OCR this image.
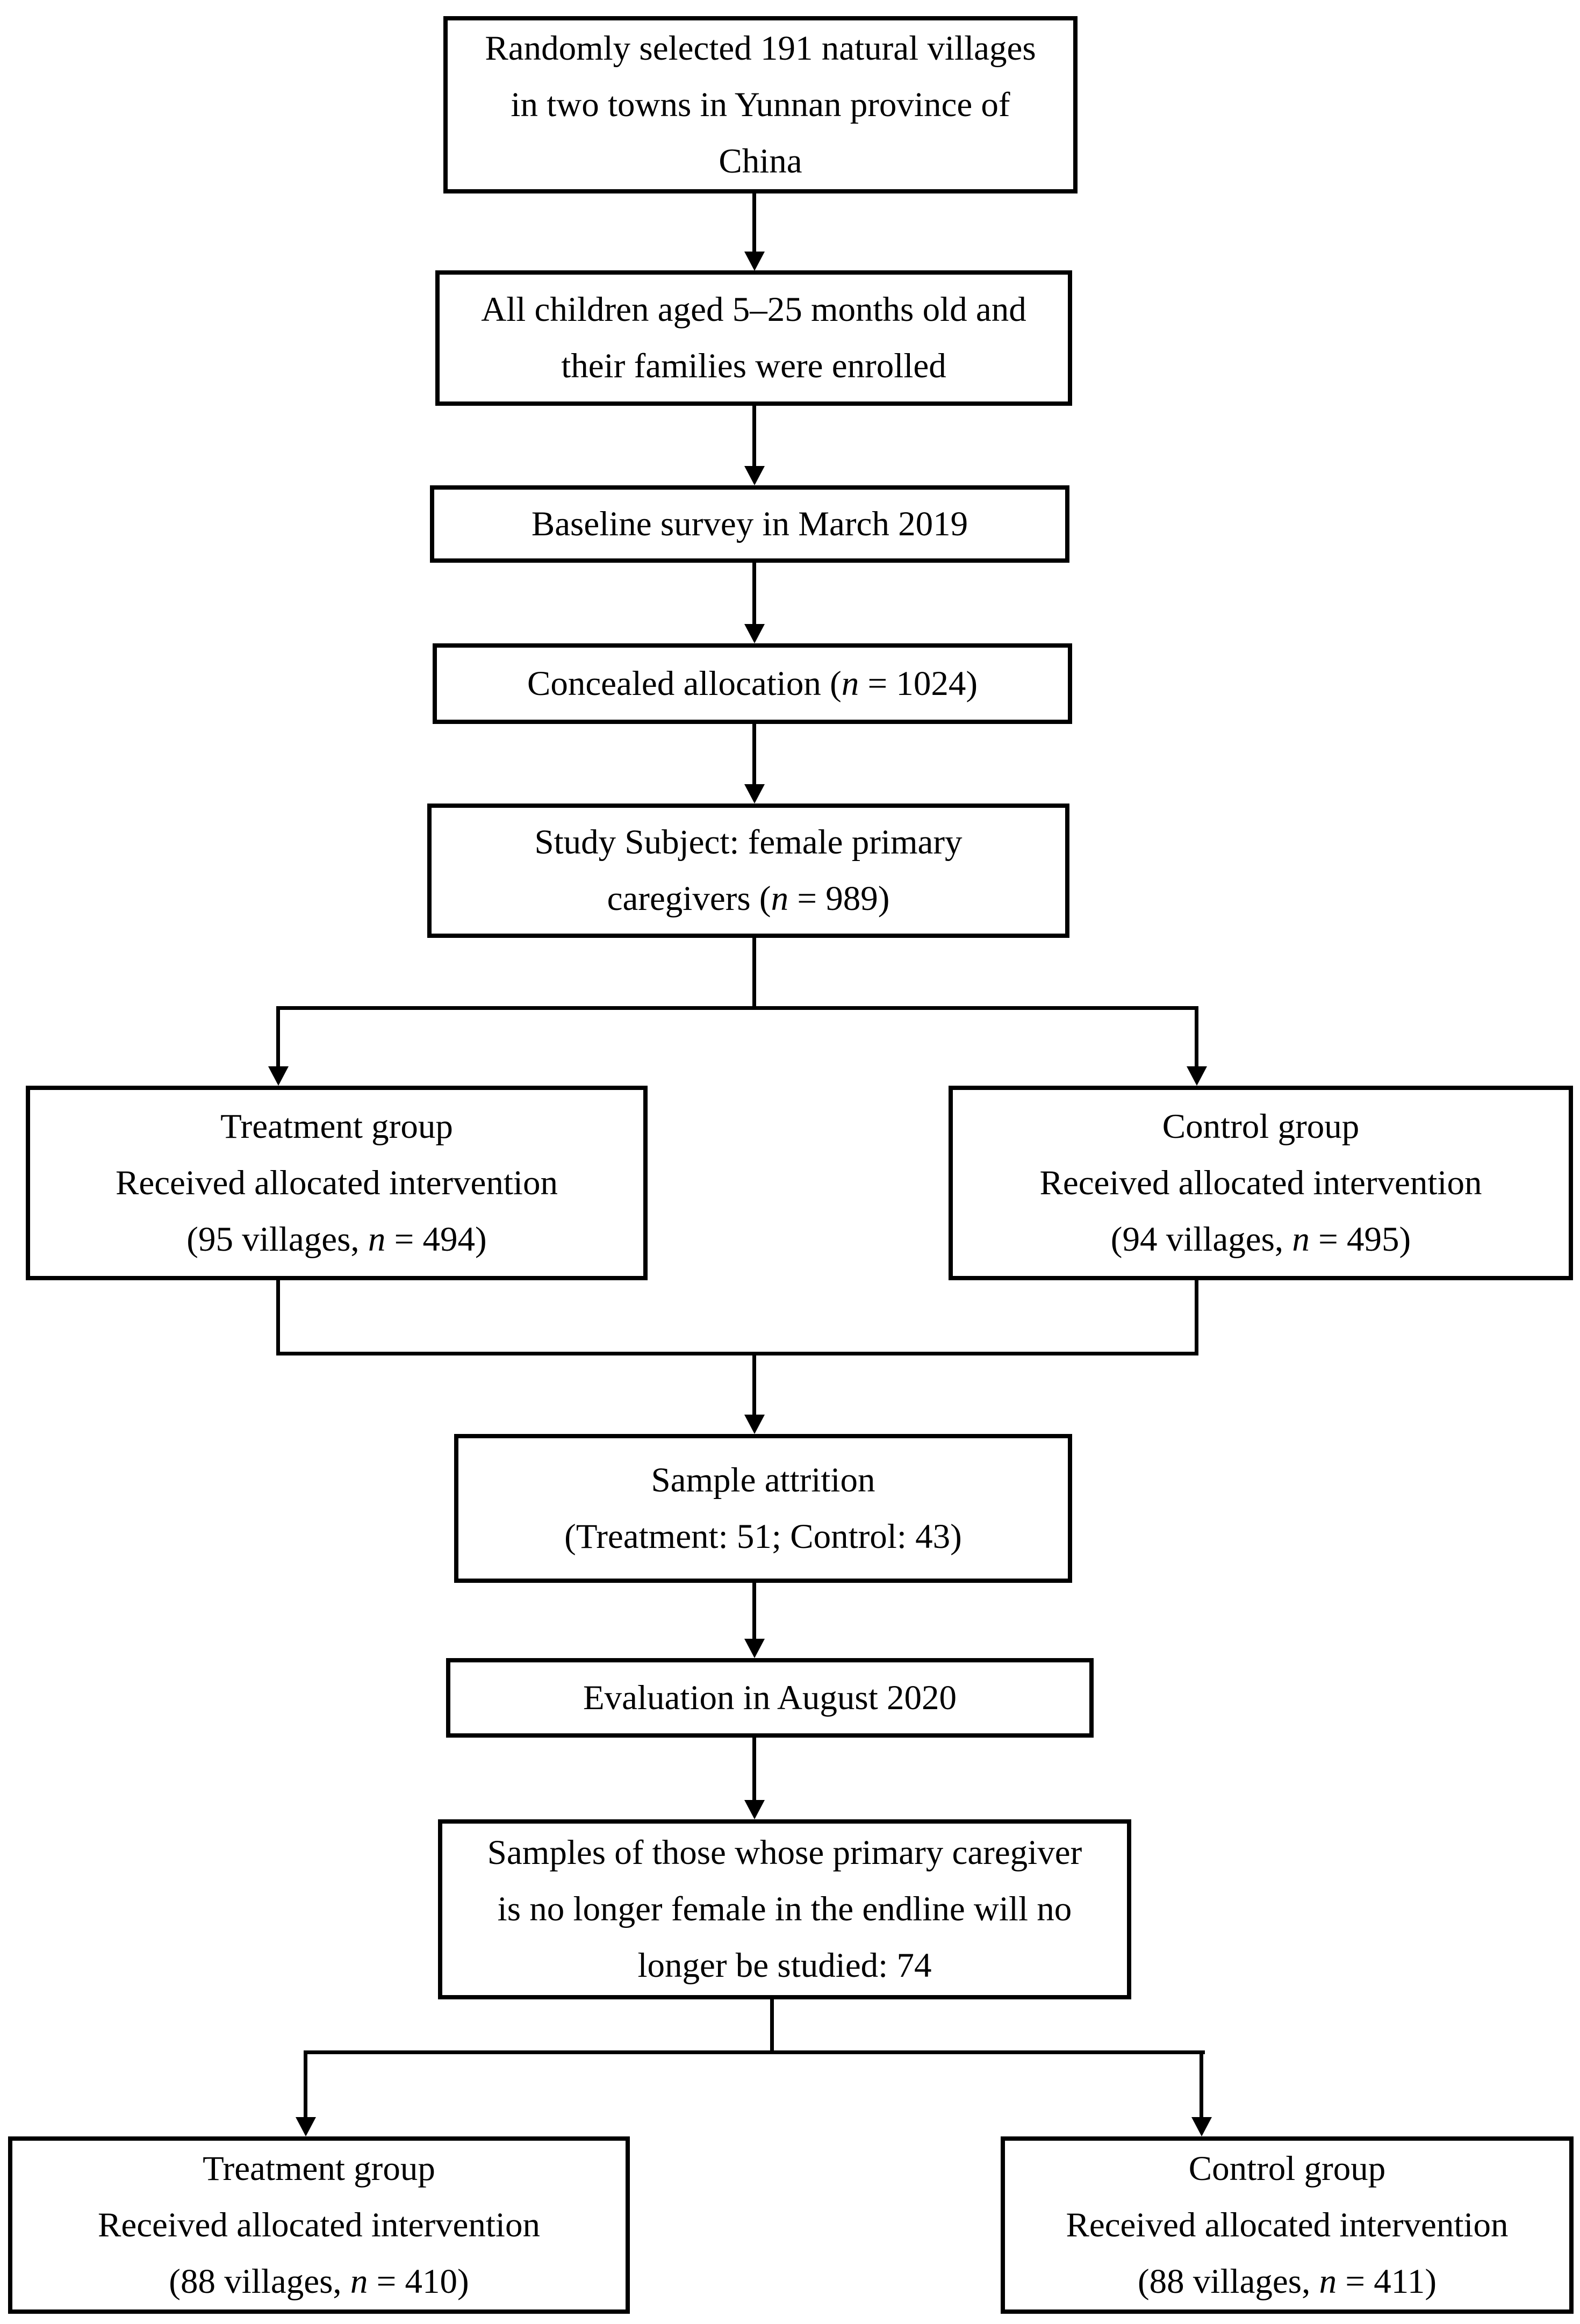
Randomly selected 191 natural villages
in two towns in Yunnan province of
China
All children aged 5–25 months old and
their families were enrolled
Baseline survey in March 2019
Concealed allocation (n = 1024)
Study Subject: female primary
caregivers (n = 989)
Treatment group
Received allocated intervention
(95 villages, n = 494)
Control group
Received allocated intervention
(94 villages, n = 495)
Sample attrition
(Treatment: 51; Control: 43)
Evaluation in August 2020
Samples of those whose primary caregiver
is no longer female in the endline will no
longer be studied: 74
Treatment group
Received allocated intervention
(88 villages, n = 410)
Control group
Received allocated intervention
(88 villages, n = 411)
